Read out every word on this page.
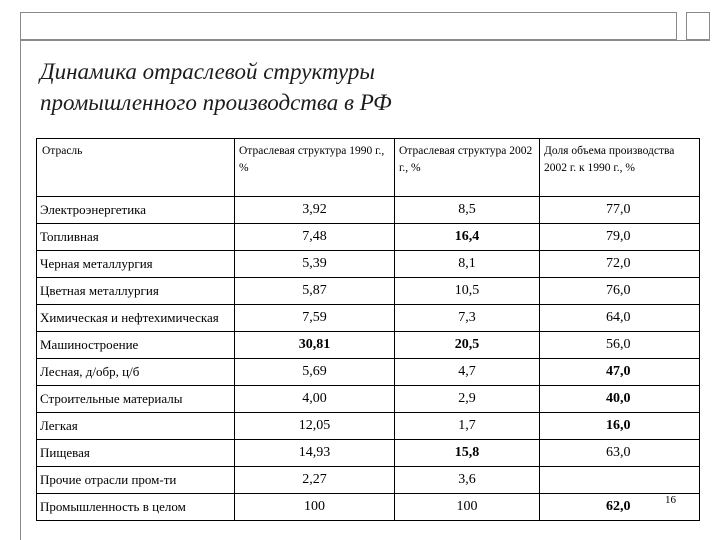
Динамика отраслевой структуры
промышленного производства в РФ
Отрасль	Отраслевая структура 1990 г., %	Отраслевая структура 2002 г., %	Доля объема производства 2002 г. к 1990 г., %
Электроэнергетика	3,92	8,5	77,0
Топливная	7,48	16,4	79,0
Черная металлургия	5,39	8,1	72,0
Цветная металлургия	5,87	10,5	76,0
Химическая и нефтехимическая	7,59	7,3	64,0
Машиностроение	30,81	20,5	56,0
Лесная, д/обр, ц/б	5,69	4,7	47,0
Строительные материалы	4,00	2,9	40,0
Легкая	12,05	1,7	16,0
Пищевая	14,93	15,8	63,0
Прочие отрасли пром-ти	2,27	3,6	
Промышленность в целом	100	100	62,0	16
